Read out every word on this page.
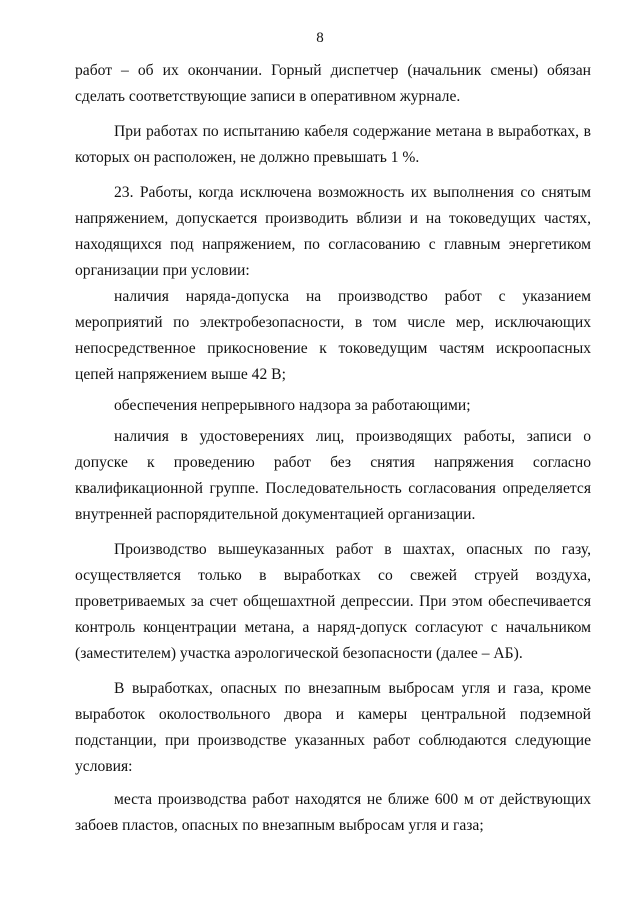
8

работ – об их окончании. Горный диспетчер (начальник смены) обязан сделать соответствующие записи в оперативном журнале.

При работах по испытанию кабеля содержание метана в выработках, в которых он расположен, не должно превышать 1 %.

23. Работы, когда исключена возможность их выполнения со снятым напряжением, допускается производить вблизи и на токоведущих частях, находящихся под напряжением, по согласованию с главным энергетиком организации при условии:

наличия наряда-допуска на производство работ с указанием мероприятий по электробезопасности, в том числе мер, исключающих непосредственное прикосновение к токоведущим частям искроопасных цепей напряжением выше 42 В;

обеспечения непрерывного надзора за работающими;

наличия в удостоверениях лиц, производящих работы, записи о допуске к проведению работ без снятия напряжения согласно квалификационной группе. Последовательность согласования определяется внутренней распорядительной документацией организации.

Производство вышеуказанных работ в шахтах, опасных по газу, осуществляется только в выработках со свежей струей воздуха, проветриваемых за счет общешахтной депрессии. При этом обеспечивается контроль концентрации метана, а наряд-допуск согласуют с начальником (заместителем) участка аэрологической безопасности (далее – АБ).

В выработках, опасных по внезапным выбросам угля и газа, кроме выработок околоствольного двора и камеры центральной подземной подстанции, при производстве указанных работ соблюдаются следующие условия:

места производства работ находятся не ближе 600 м от действующих забоев пластов, опасных по внезапным выбросам угля и газа;
